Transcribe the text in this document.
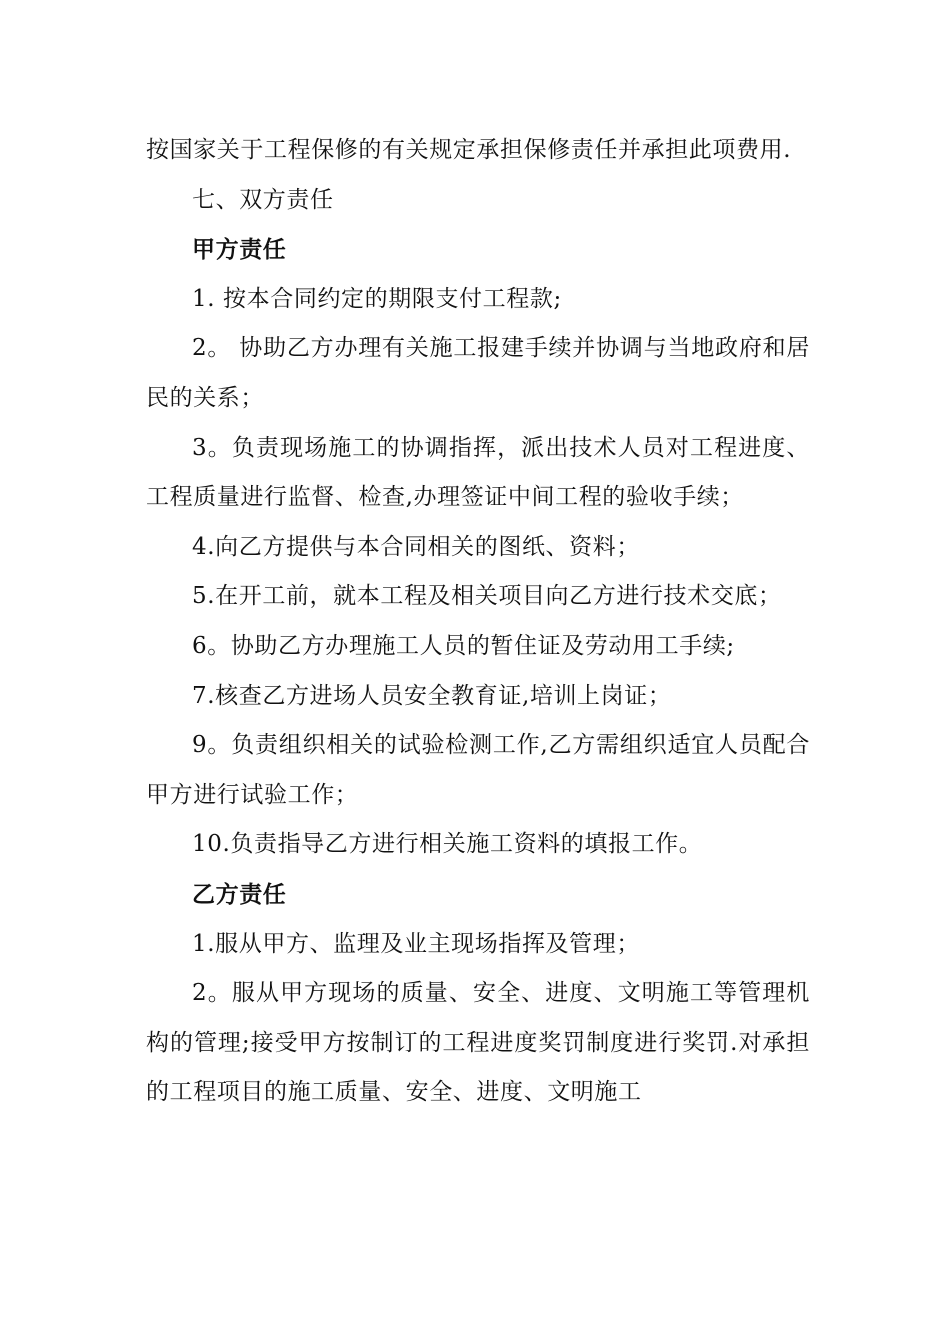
按国家关于工程保修的有关规定承担保修责任并承担此项费用.

七、双方责任

甲方责任

1. 按本合同约定的期限支付工程款;

2。 协助乙方办理有关施工报建手续并协调与当地政府和居民的关系；

3。负责现场施工的协调指挥，派出技术人员对工程进度、工程质量进行监督、检查,办理签证中间工程的验收手续；

4.向乙方提供与本合同相关的图纸、资料；

5.在开工前，就本工程及相关项目向乙方进行技术交底；

6。协助乙方办理施工人员的暂住证及劳动用工手续;

7.核查乙方进场人员安全教育证,培训上岗证；

9。负责组织相关的试验检测工作,乙方需组织适宜人员配合甲方进行试验工作；

10.负责指导乙方进行相关施工资料的填报工作。

乙方责任

1.服从甲方、监理及业主现场指挥及管理；

2。服从甲方现场的质量、安全、进度、文明施工等管理机构的管理;接受甲方按制订的工程进度奖罚制度进行奖罚.对承担的工程项目的施工质量、安全、进度、文明施工
